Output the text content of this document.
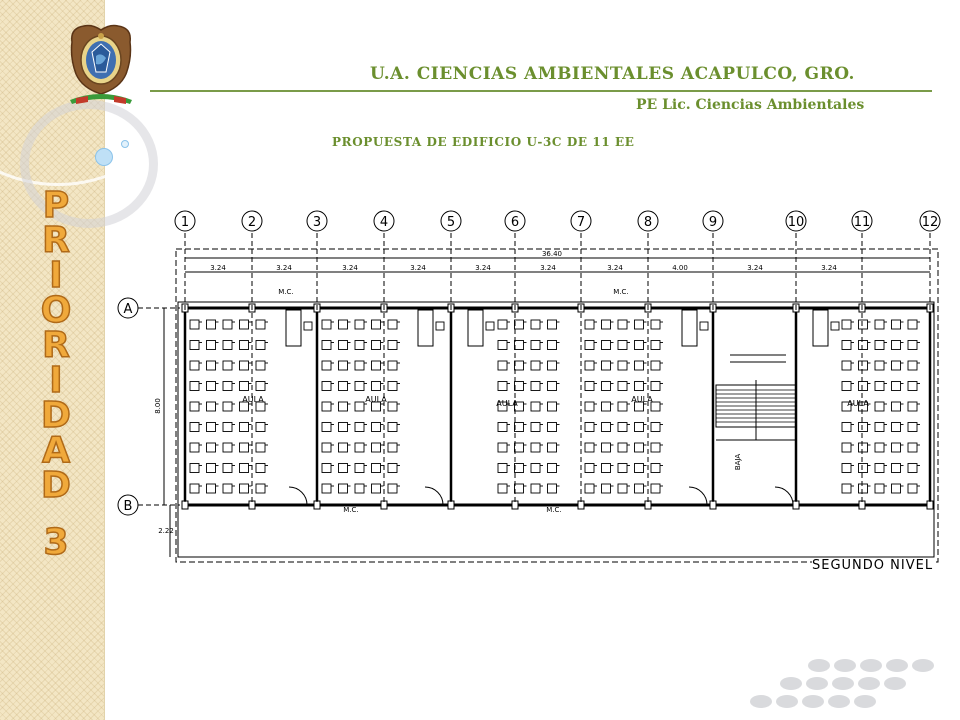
U.A. CIENCIAS AMBIENTALES ACAPULCO, GRO.
PE Lic. Ciencias Ambientales
PROPUESTA DE EDIFICIO U-3C DE 11 EE
P
R
I
O
R
I
D
A
D
3
1	2	3	4	5	6	7	8	9	10	11	12
A
B
36.40
3.24	3.24	3.24	3.24	3.24	3.24	3.24	4.00	3.24	3.24
8.00
2.22
AULA	AULA	AULA	AULA	AULA
M.C.	M.C.
M.C.	M.C.
BAJA
SEGUNDO NIVEL
